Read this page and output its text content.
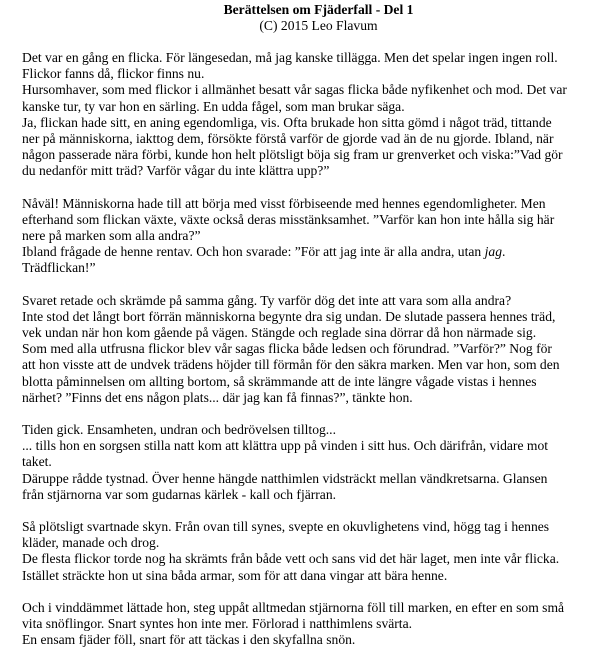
Berättelsen om Fjäderfall - Del 1
(C) 2015 Leo Flavum
Det var en gång en flicka. För längesedan, må jag kanske tillägga. Men det spelar ingen ingen roll.
Flickor fanns då, flickor finns nu.
Hursomhaver, som med flickor i allmänhet besatt vår sagas flicka både nyfikenhet och mod. Det var
kanske tur, ty var hon en särling. En udda fågel, som man brukar säga.
Ja, flickan hade sitt, en aning egendomliga, vis. Ofta brukade hon sitta gömd i något träd, tittande
ner på människorna, iakttog dem, försökte förstå varför de gjorde vad än de nu gjorde. Ibland, när
någon passerade nära förbi, kunde hon helt plötsligt böja sig fram ur grenverket och viska:”Vad gör
du nedanför mitt träd? Varför vågar du inte klättra upp?”
Nåväl! Människorna hade till att börja med visst förbiseende med hennes egendomligheter. Men
efterhand som flickan växte, växte också deras misstänksamhet. ”Varför kan hon inte hålla sig här
nere på marken som alla andra?”
Ibland frågade de henne rentav. Och hon svarade: ”För att jag inte är alla andra, utan jag.
Trädflickan!”
Svaret retade och skrämde på samma gång. Ty varför dög det inte att vara som alla andra?
Inte stod det långt bort förrän människorna begynte dra sig undan. De slutade passera hennes träd,
vek undan när hon kom gående på vägen. Stängde och reglade sina dörrar då hon närmade sig.
Som med alla utfrusna flickor blev vår sagas flicka både ledsen och förundrad. ”Varför?” Nog för
att hon visste att de undvek trädens höjder till förmån för den säkra marken. Men var hon, som den
blotta påminnelsen om allting bortom, så skrämmande att de inte längre vågade vistas i hennes
närhet? ”Finns det ens någon plats... där jag kan få finnas?”, tänkte hon.
Tiden gick. Ensamheten, undran och bedrövelsen tilltog...
... tills hon en sorgsen stilla natt kom att klättra upp på vinden i sitt hus. Och därifrån, vidare mot
taket.
Däruppe rådde tystnad. Över henne hängde natthimlen vidsträckt mellan vändkretsarna. Glansen
från stjärnorna var som gudarnas kärlek - kall och fjärran.
Så plötsligt svartnade skyn. Från ovan till synes, svepte en okuvlighetens vind, högg tag i hennes
kläder, manade och drog.
De flesta flickor torde nog ha skrämts från både vett och sans vid det här laget, men inte vår flicka.
Istället sträckte hon ut sina båda armar, som för att dana vingar att bära henne.
Och i vinddämmet lättade hon, steg uppåt alltmedan stjärnorna föll till marken, en efter en som små
vita snöflingor. Snart syntes hon inte mer. Förlorad i natthimlens svärta.
En ensam fjäder föll, snart för att täckas i den skyfallna snön.
